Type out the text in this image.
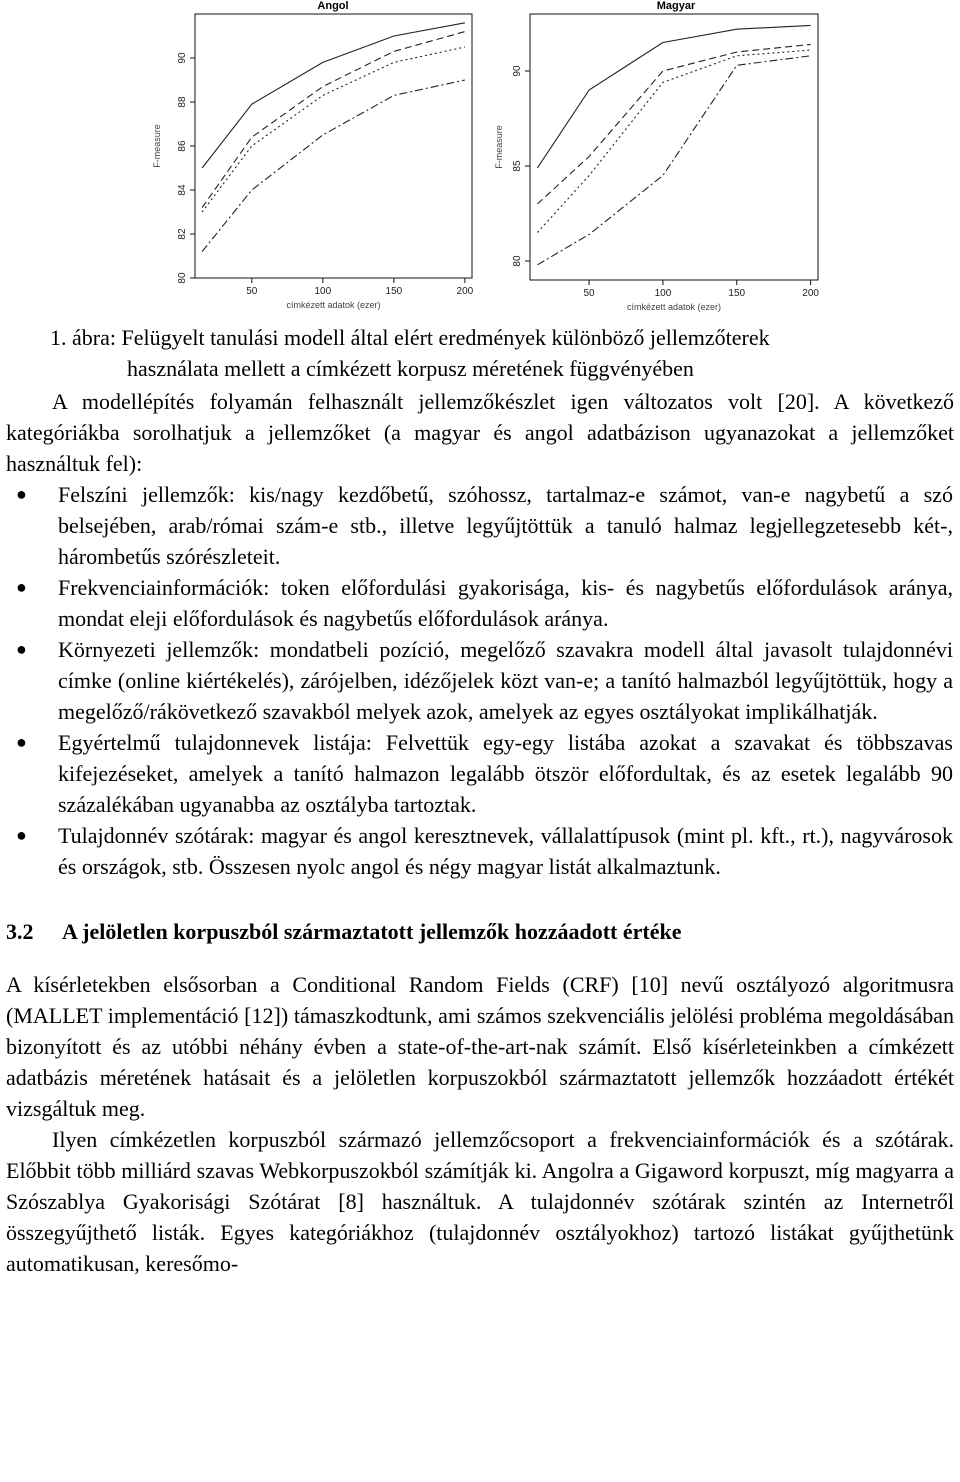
Angol
80
82
84
86
88
90
50	100	150	200
címkézett adatok (ezer)
F-measure
Magyar
80
85
90
50	100	150	200
címkézett adatok (ezer)
F-measure

1. ábra: Felügyelt tanulási modell által elért eredmények különböző jellemzőterek
használata mellett a címkézett korpusz méretének függvényében

A modellépítés folyamán felhasznált jellemzőkészlet igen változatos volt [20]. A következő kategóriákba sorolhatjuk a jellemzőket (a magyar és angol adatbázison ugyanazokat a jellemzőket használtuk fel):

● Felszíni jellemzők: kis/nagy kezdőbetű, szóhossz, tartalmaz-e számot, van-e nagybetű a szó belsejében, arab/római szám-e stb., illetve legyűjtöttük a tanuló halmaz legjellegzetesebb két-, hárombetűs szórészleteit.
● Frekvenciainformációk: token előfordulási gyakorisága, kis- és nagybetűs előfordulások aránya, mondat eleji előfordulások és nagybetűs előfordulások aránya.
● Környezeti jellemzők: mondatbeli pozíció, megelőző szavakra modell által javasolt tulajdonnévi címke (online kiértékelés), zárójelben, idézőjelek közt van-e; a tanító halmazból legyűjtöttük, hogy a megelőző/rákövetkező szavakból melyek azok, amelyek az egyes osztályokat implikálhatják.
● Egyértelmű tulajdonnevek listája: Felvettük egy-egy listába azokat a szavakat és többszavas kifejezéseket, amelyek a tanító halmazon legalább ötször előfordultak, és az esetek legalább 90 százalékában ugyanabba az osztályba tartoztak.
● Tulajdonnév szótárak: magyar és angol keresztnevek, vállalattípusok (mint pl. kft., rt.), nagyvárosok és országok, stb. Összesen nyolc angol és négy magyar listát alkalmaztunk.
3.2 A jelöletlen korpuszból származtatott jellemzők hozzáadott értéke

A kísérletekben elsősorban a Conditional Random Fields (CRF) [10] nevű osztályozó algoritmusra (MALLET implementáció [12]) támaszkodtunk, ami számos szekvenciális jelölési probléma megoldásában bizonyított és az utóbbi néhány évben a state-of-the-art-nak számít. Első kísérleteinkben a címkézett adatbázis méretének hatásait és a jelöletlen korpuszokból származtatott jellemzők hozzáadott értékét vizsgáltuk meg.

Ilyen címkézetlen korpuszból származó jellemzőcsoport a frekvenciainformációk és a szótárak. Előbbit több milliárd szavas Webkorpuszokból számítják ki. Angolra a Gigaword korpuszt, míg magyarra a Szószablya Gyakorisági Szótárat [8] használtuk. A tulajdonnév szótárak szintén az Internetről összegyűjthető listák. Egyes kategóriákhoz (tulajdonnév osztályokhoz) tartozó listákat gyűjthetünk automatikusan, keresőmo-
